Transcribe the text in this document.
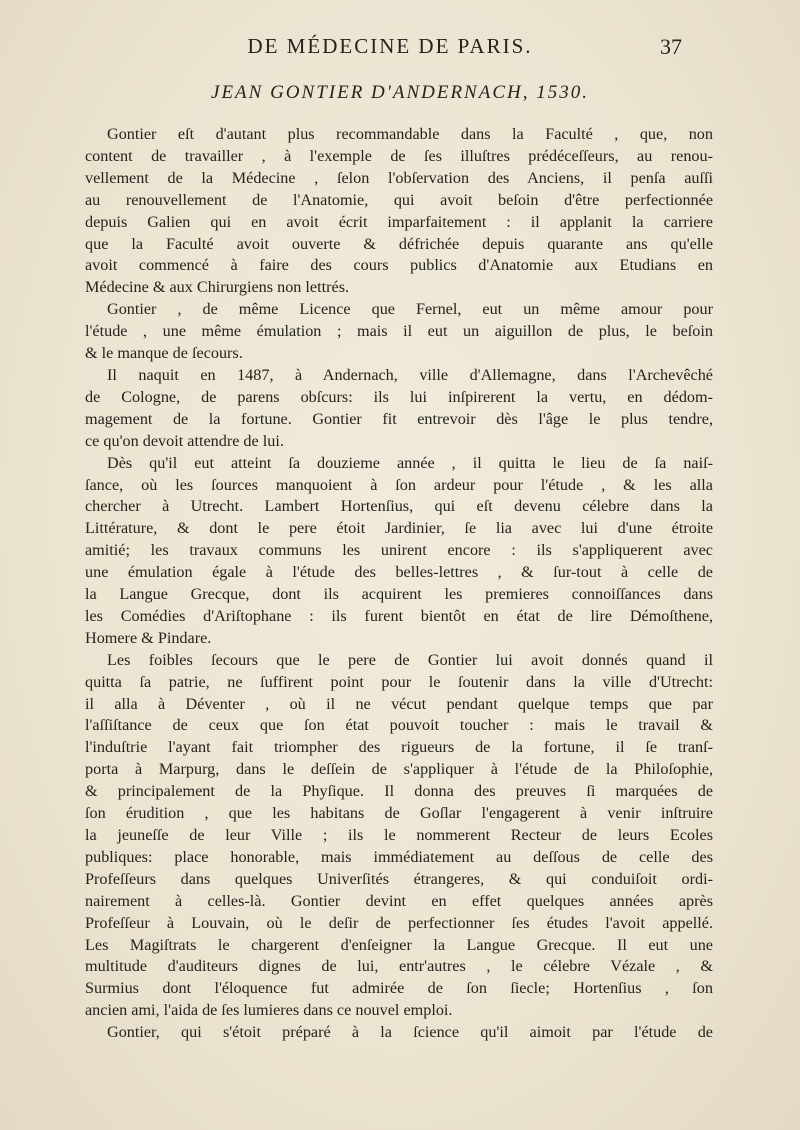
DE MÉDECINE DE PARIS.	37
JEAN GONTIER D'ANDERNACH, 1530.
Gontier eſt d'autant plus recommandable dans la Faculté , que, non
content de travailler , à l'exemple de ſes illuſtres prédéceſſeurs, au renou-
vellement de la Médecine , ſelon l'obſervation des Anciens, il penſa auſſi
au renouvellement de l'Anatomie, qui avoit beſoin d'être perfectionnée
depuis Galien qui en avoit écrit imparfaitement : il applanit la carriere
que la Faculté avoit ouverte & défrichée depuis quarante ans qu'elle
avoit commencé à faire des cours publics d'Anatomie aux Etudians en
Médecine & aux Chirurgiens non lettrés.
Gontier , de même Licence que Fernel, eut un même amour pour
l'étude , une même émulation ; mais il eut un aiguillon de plus, le beſoin
& le manque de ſecours.
Il naquit en 1487, à Andernach, ville d'Allemagne, dans l'Archevêché
de Cologne, de parens obſcurs: ils lui inſpirerent la vertu, en dédom-
magement de la fortune. Gontier fit entrevoir dès l'âge le plus tendre,
ce qu'on devoit attendre de lui.
Dès qu'il eut atteint ſa douzieme année , il quitta le lieu de ſa naiſ-
ſance, où les ſources manquoient à ſon ardeur pour l'étude , & les alla
chercher à Utrecht. Lambert Hortenſius, qui eſt devenu célebre dans la
Littérature, & dont le pere étoit Jardinier, ſe lia avec lui d'une étroite
amitié; les travaux communs les unirent encore : ils s'appliquerent avec
une émulation égale à l'étude des belles-lettres , & ſur-tout à celle de
la Langue Grecque, dont ils acquirent les premieres connoiſſances dans
les Comédies d'Ariſtophane : ils furent bientôt en état de lire Démoſthene,
Homere & Pindare.
Les foibles ſecours que le pere de Gontier lui avoit donnés quand il
quitta ſa patrie, ne ſuffirent point pour le ſoutenir dans la ville d'Utrecht:
il alla à Déventer , où il ne vécut pendant quelque temps que par
l'aſſiſtance de ceux que ſon état pouvoit toucher : mais le travail &
l'induſtrie l'ayant fait triompher des rigueurs de la fortune, il ſe tranſ-
porta à Marpurg, dans le deſſein de s'appliquer à l'étude de la Philoſophie,
& principalement de la Phyſique. Il donna des preuves ſi marquées de
ſon érudition , que les habitans de Goſlar l'engagerent à venir inſtruire
la jeuneſſe de leur Ville ; ils le nommerent Recteur de leurs Ecoles
publiques: place honorable, mais immédiatement au deſſous de celle des
Profeſſeurs dans quelques Univerſités étrangeres, & qui conduiſoit ordi-
nairement à celles-là. Gontier devint en effet quelques années après
Profeſſeur à Louvain, où le deſir de perfectionner ſes études l'avoit appellé.
Les Magiſtrats le chargerent d'enſeigner la Langue Grecque. Il eut une
multitude d'auditeurs dignes de lui, entr'autres , le célebre Vézale , &
Surmius dont l'éloquence fut admirée de ſon ſiecle; Hortenſius , ſon
ancien ami, l'aida de ſes lumieres dans ce nouvel emploi.
Gontier, qui s'étoit préparé à la ſcience qu'il aimoit par l'étude de
